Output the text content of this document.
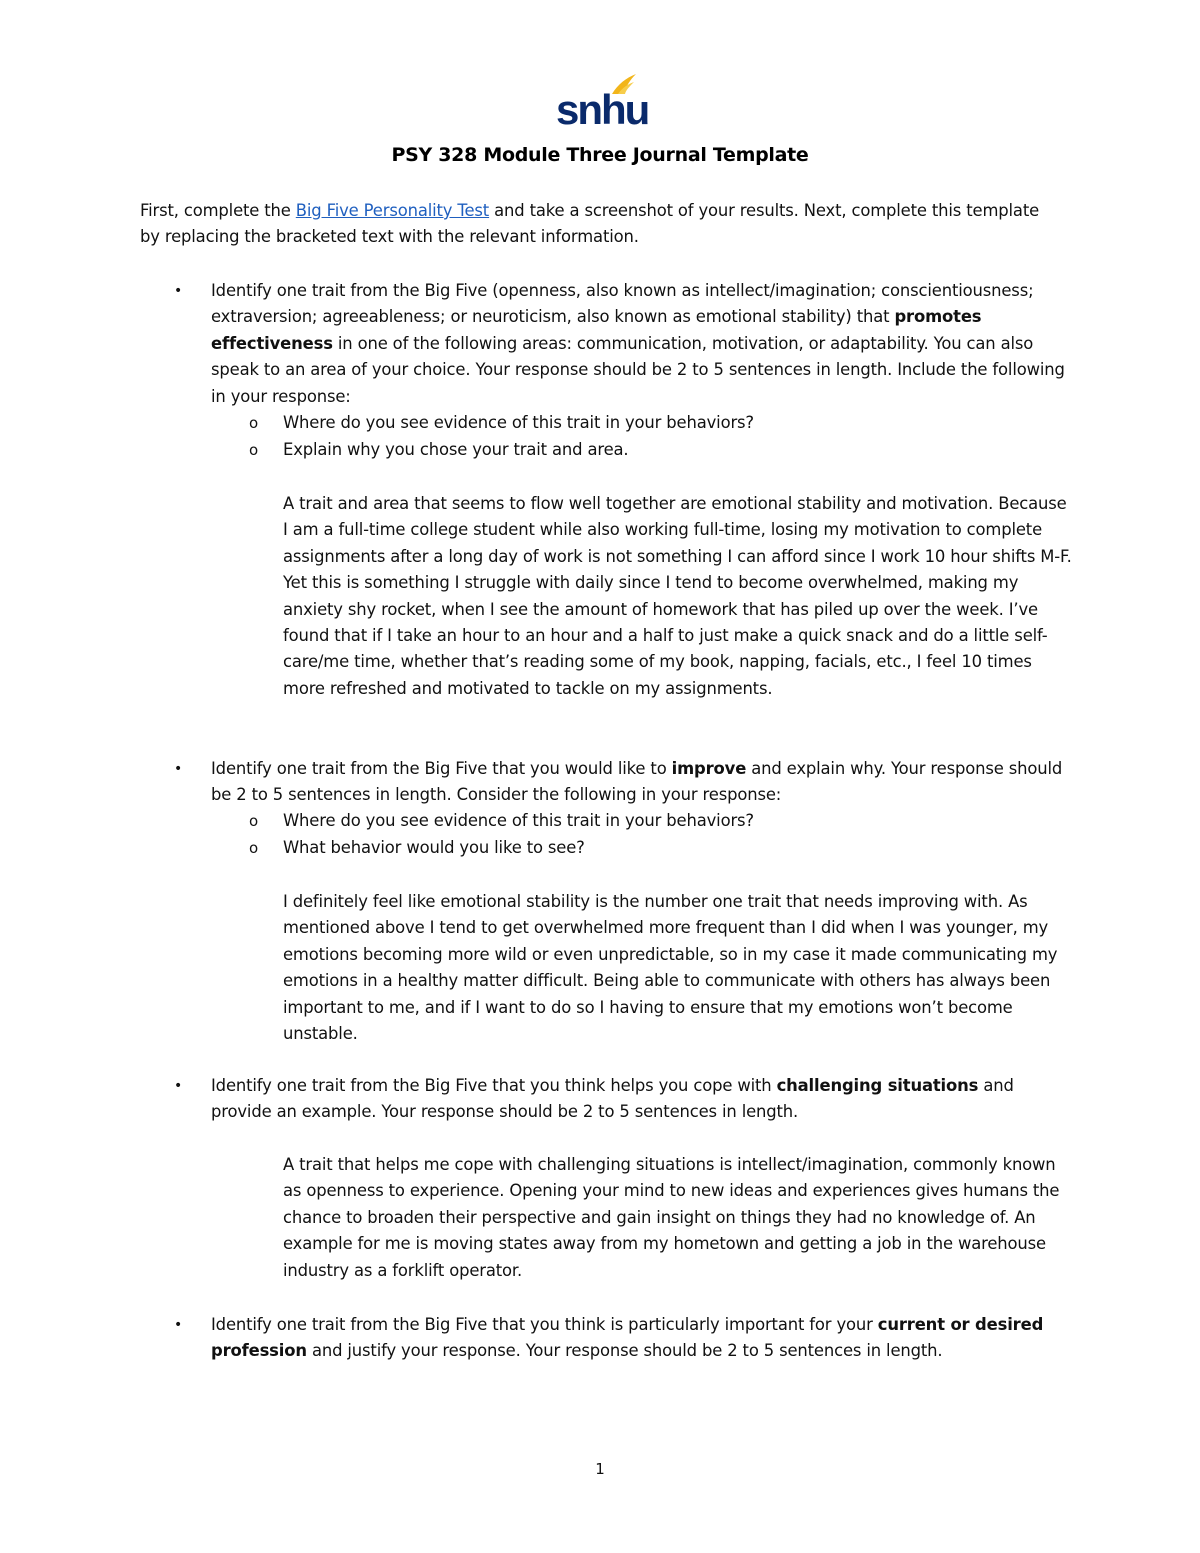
snhu
PSY 328 Module Three Journal Template
First, complete the Big Five Personality Test and take a screenshot of your results. Next, complete this template by replacing the bracketed text with the relevant information.
• Identify one trait from the Big Five (openness, also known as intellect/imagination; conscientiousness; extraversion; agreeableness; or neuroticism, also known as emotional stability) that promotes effectiveness in one of the following areas: communication, motivation, or adaptability. You can also speak to an area of your choice. Your response should be 2 to 5 sentences in length. Include the following in your response:
o Where do you see evidence of this trait in your behaviors?
o Explain why you chose your trait and area.
A trait and area that seems to flow well together are emotional stability and motivation. Because I am a full-time college student while also working full-time, losing my motivation to complete assignments after a long day of work is not something I can afford since I work 10 hour shifts M-F. Yet this is something I struggle with daily since I tend to become overwhelmed, making my anxiety shy rocket, when I see the amount of homework that has piled up over the week. I’ve found that if I take an hour to an hour and a half to just make a quick snack and do a little self-care/me time, whether that’s reading some of my book, napping, facials, etc., I feel 10 times more refreshed and motivated to tackle on my assignments.
• Identify one trait from the Big Five that you would like to improve and explain why. Your response should be 2 to 5 sentences in length. Consider the following in your response:
o Where do you see evidence of this trait in your behaviors?
o What behavior would you like to see?
I definitely feel like emotional stability is the number one trait that needs improving with. As mentioned above I tend to get overwhelmed more frequent than I did when I was younger, my emotions becoming more wild or even unpredictable, so in my case it made communicating my emotions in a healthy matter difficult. Being able to communicate with others has always been important to me, and if I want to do so I having to ensure that my emotions won’t become unstable.
• Identify one trait from the Big Five that you think helps you cope with challenging situations and provide an example. Your response should be 2 to 5 sentences in length.
A trait that helps me cope with challenging situations is intellect/imagination, commonly known as openness to experience. Opening your mind to new ideas and experiences gives humans the chance to broaden their perspective and gain insight on things they had no knowledge of. An example for me is moving states away from my hometown and getting a job in the warehouse industry as a forklift operator.
• Identify one trait from the Big Five that you think is particularly important for your current or desired profession and justify your response. Your response should be 2 to 5 sentences in length.
1
